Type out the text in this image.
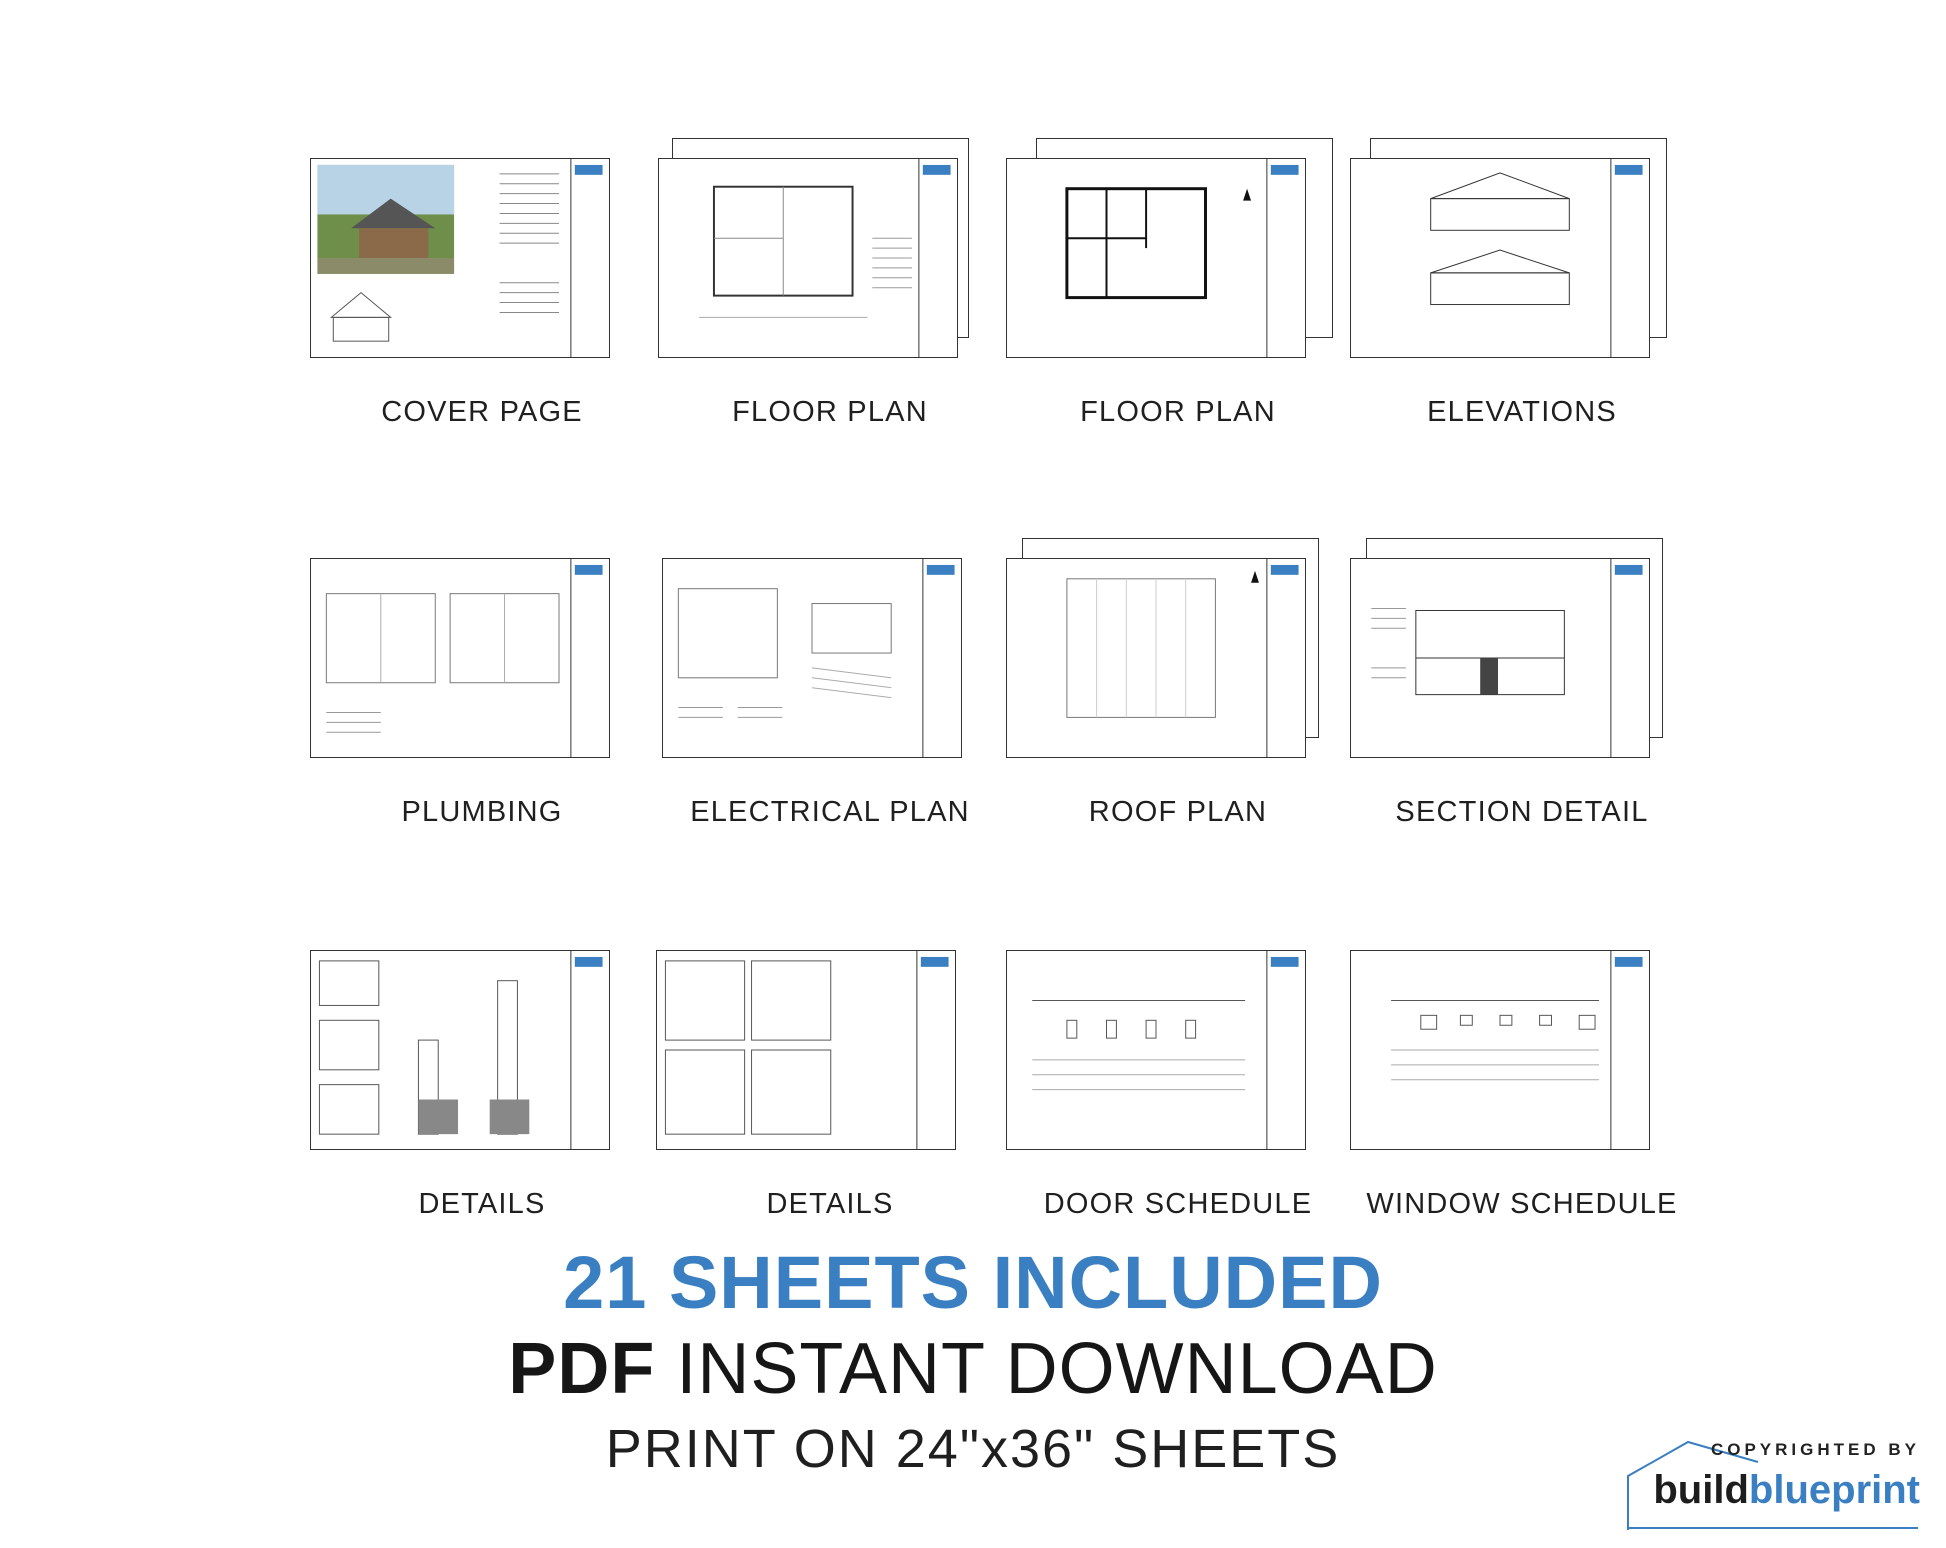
COVER PAGE	FLOOR PLAN	FLOOR PLAN	ELEVATIONS
PLUMBING	ELECTRICAL PLAN	ROOF PLAN	SECTION DETAIL
DETAILS	DETAILS	DOOR SCHEDULE	WINDOW SCHEDULE
21 SHEETS INCLUDED
PDF INSTANT DOWNLOAD
PRINT ON 24"x36" SHEETS	COPYRIGHTED BY
buildblueprint
